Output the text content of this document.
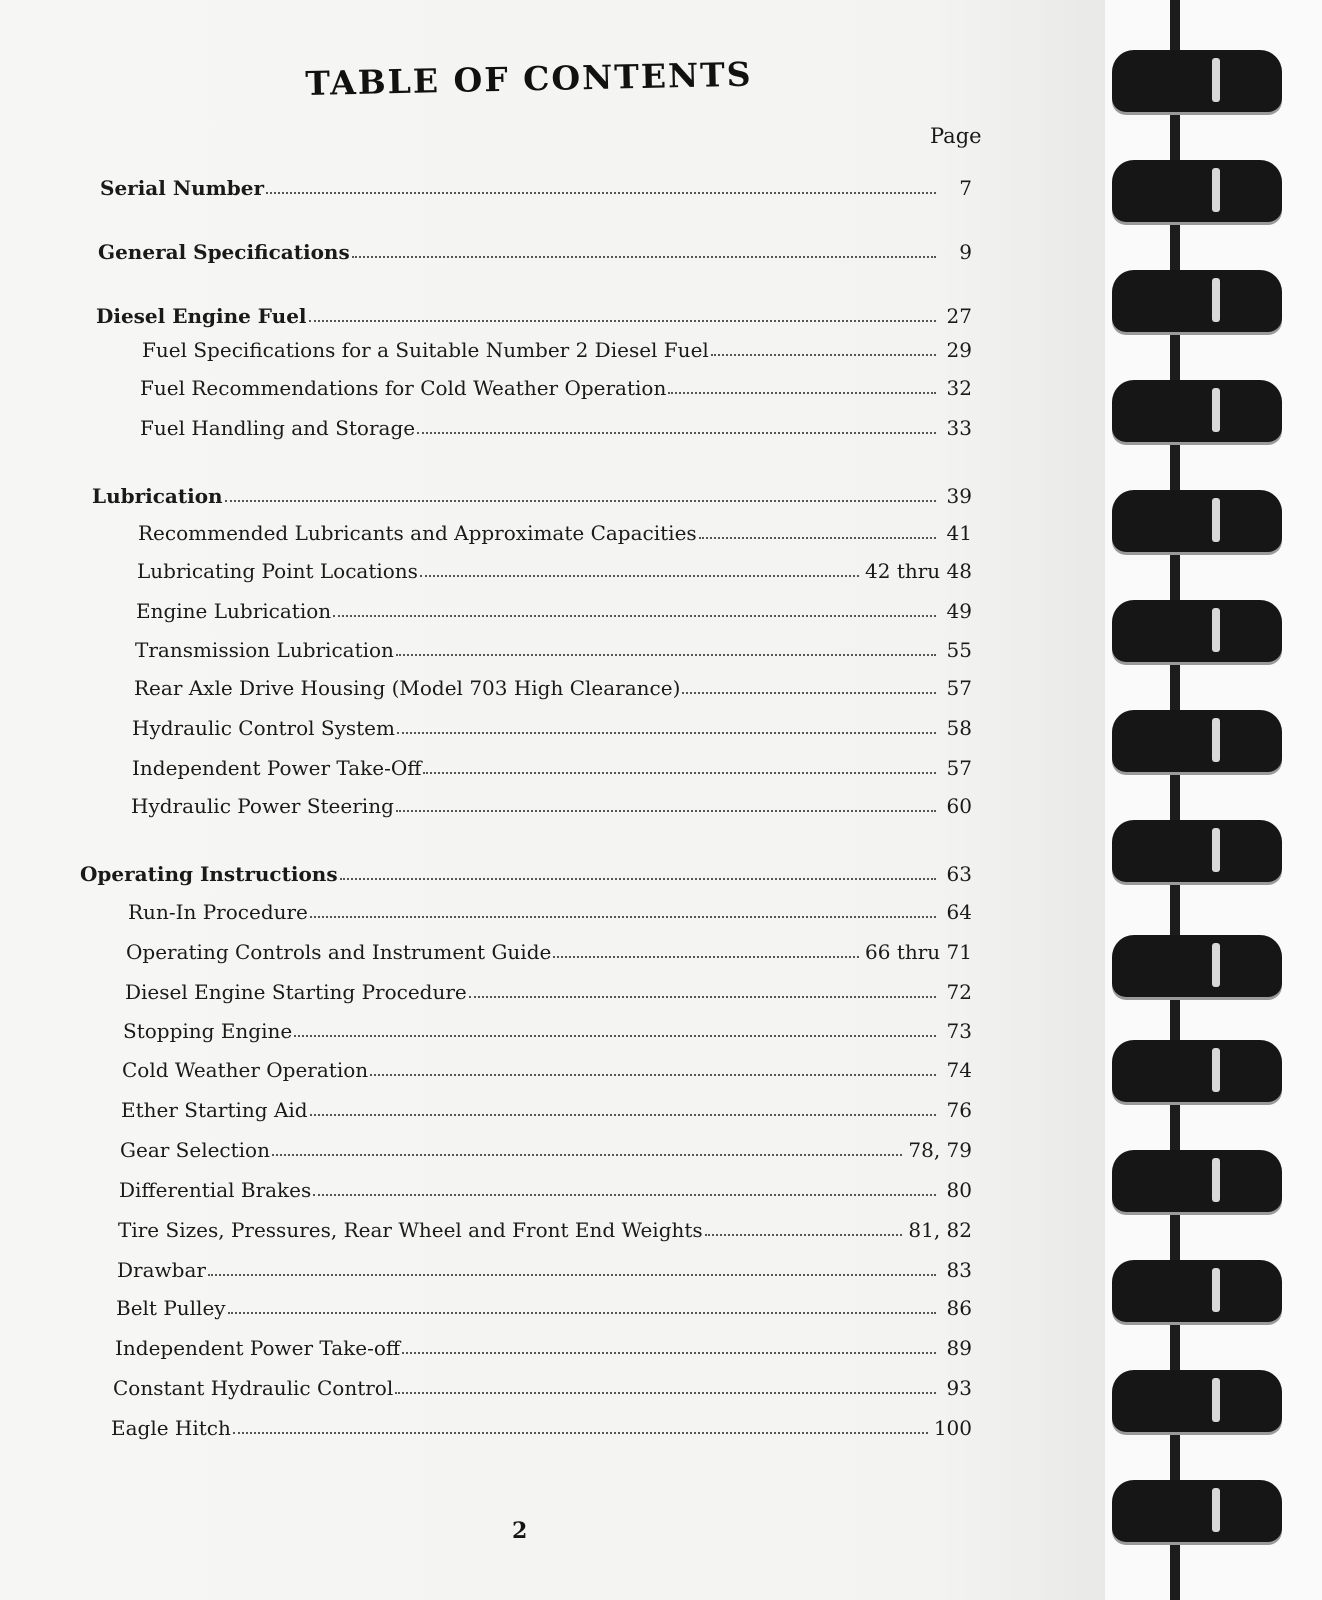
TABLE OF CONTENTS
Page
Serial Number	7
General Specifications	9
Diesel Engine Fuel	27
Fuel Specifications for a Suitable Number 2 Diesel Fuel	29
Fuel Recommendations for Cold Weather Operation	32
Fuel Handling and Storage	33
Lubrication	39
Recommended Lubricants and Approximate Capacities	41
Lubricating Point Locations	42 thru 48
Engine Lubrication	49
Transmission Lubrication	55
Rear Axle Drive Housing (Model 703 High Clearance)	57
Hydraulic Control System	58
Independent Power Take-Off	57
Hydraulic Power Steering	60
Operating Instructions	63
Run-In Procedure	64
Operating Controls and Instrument Guide	66 thru 71
Diesel Engine Starting Procedure	72
Stopping Engine	73
Cold Weather Operation	74
Ether Starting Aid	76
Gear Selection	78, 79
Differential Brakes	80
Tire Sizes, Pressures, Rear Wheel and Front End Weights	81, 82
Drawbar	83
Belt Pulley	86
Independent Power Take-off	89
Constant Hydraulic Control	93
Eagle Hitch	100
2
